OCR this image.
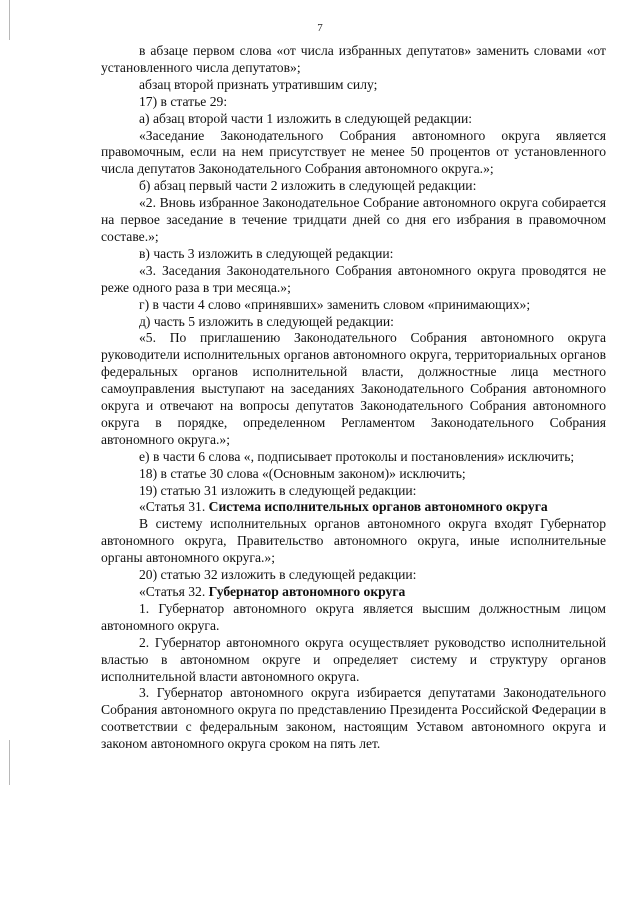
7

в абзаце первом слова «от числа избранных депутатов» заменить словами «от установленного числа депутатов»;

абзац второй признать утратившим силу;

17) в статье 29:

а) абзац второй части 1 изложить в следующей редакции:

«Заседание Законодательного Собрания автономного округа является правомочным, если на нем присутствует не менее 50 процентов от установленного числа депутатов Законодательного Собрания автономного округа.»;

б) абзац первый части 2 изложить в следующей редакции:

«2. Вновь избранное Законодательное Собрание автономного округа собирается на первое заседание в течение тридцати дней со дня его избрания в правомочном составе.»;

в) часть 3 изложить в следующей редакции:

«3. Заседания Законодательного Собрания автономного округа проводятся не реже одного раза в три месяца.»;

г) в части 4 слово «принявших» заменить словом «принимающих»;

д) часть 5 изложить в следующей редакции:

«5. По приглашению Законодательного Собрания автономного округа руководители исполнительных органов автономного округа, территориальных органов федеральных органов исполнительной власти, должностные лица местного самоуправления выступают на заседаниях Законодательного Собрания автономного округа и отвечают на вопросы депутатов Законодательного Собрания автономного округа в порядке, определенном Регламентом Законодательного Собрания автономного округа.»;

е) в части 6 слова «, подписывает протоколы и постановления» исключить;

18) в статье 30 слова «(Основным законом)» исключить;

19) статью 31 изложить в следующей редакции:

«Статья 31. Система исполнительных органов автономного округа

В систему исполнительных органов автономного округа входят Губернатор автономного округа, Правительство автономного округа, иные исполнительные органы автономного округа.»;

20) статью 32 изложить в следующей редакции:

«Статья 32. Губернатор автономного округа

1. Губернатор автономного округа является высшим должностным лицом автономного округа.

2. Губернатор автономного округа осуществляет руководство исполнительной властью в автономном округе и определяет систему и структуру органов исполнительной власти автономного округа.

3. Губернатор автономного округа избирается депутатами Законодательного Собрания автономного округа по представлению Президента Российской Федерации в соответствии с федеральным законом, настоящим Уставом автономного округа и законом автономного округа сроком на пять лет.
